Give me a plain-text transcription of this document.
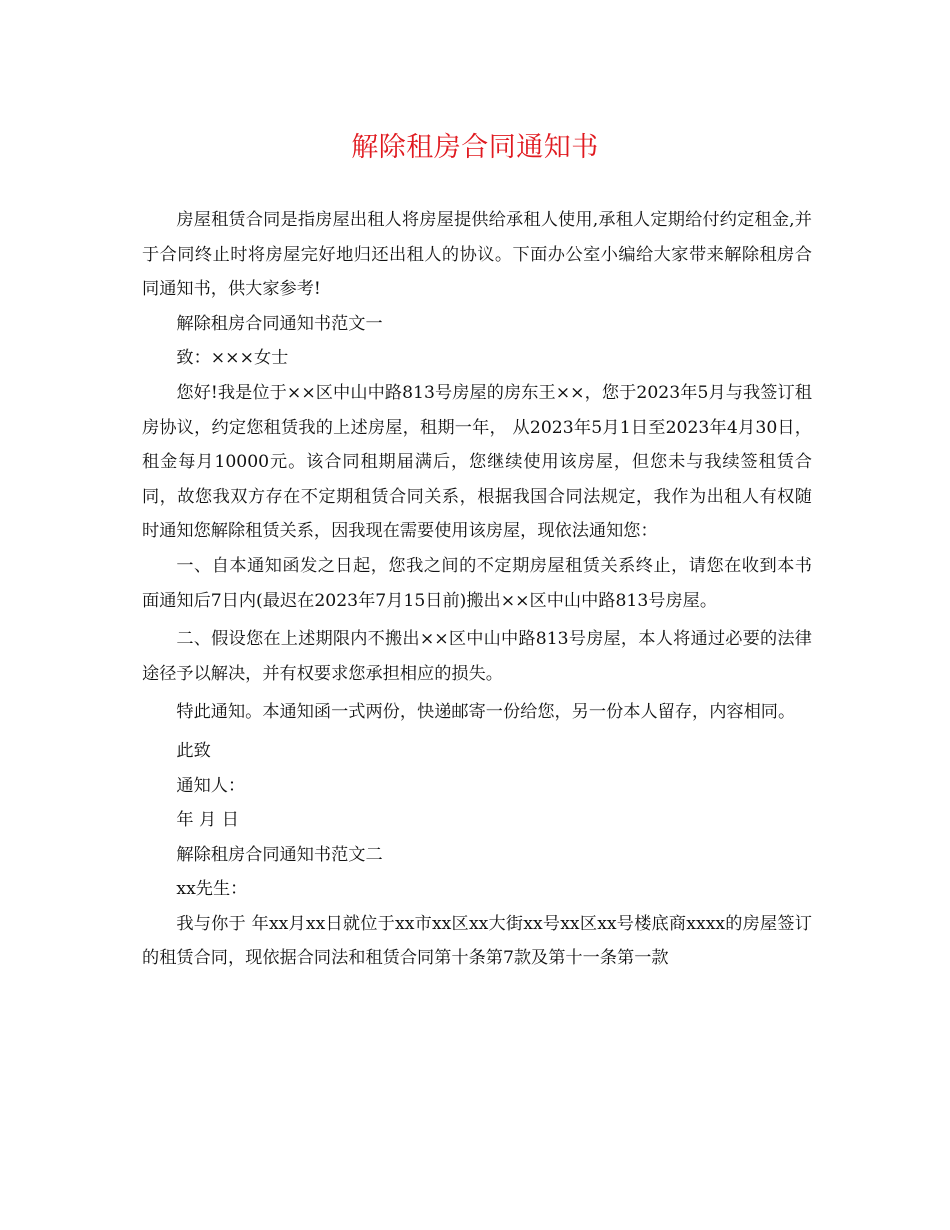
解除租房合同通知书

房屋租赁合同是指房屋出租人将房屋提供给承租人使用,承租人定期给付约定租金,并于合同终止时将房屋完好地归还出租人的协议。下面办公室小编给大家带来解除租房合同通知书，供大家参考!

解除租房合同通知书范文一

致：×××女士

您好!我是位于××区中山中路813号房屋的房东王××，您于2023年5月与我签订租房协议，约定您租赁我的上述房屋，租期一年， 从2023年5月1日至2023年4月30日，租金每月10000元。该合同租期届满后，您继续使用该房屋，但您未与我续签租赁合同，故您我双方存在不定期租赁合同关系，根据我国合同法规定，我作为出租人有权随时通知您解除租赁关系，因我现在需要使用该房屋，现依法通知您：

一、自本通知函发之日起，您我之间的不定期房屋租赁关系终止，请您在收到本书面通知后7日内(最迟在2023年7月15日前)搬出××区中山中路813号房屋。

二、假设您在上述期限内不搬出××区中山中路813号房屋，本人将通过必要的法律途径予以解决，并有权要求您承担相应的损失。

特此通知。本通知函一式两份，快递邮寄一份给您，另一份本人留存，内容相同。

此致

通知人：

年 月 日

解除租房合同通知书范文二

xx先生：

我与你于 年xx月xx日就位于xx市xx区xx大街xx号xx区xx号楼底商xxxx的房屋签订的租赁合同，现依据合同法和租赁合同第十条第7款及第十一条第一款
